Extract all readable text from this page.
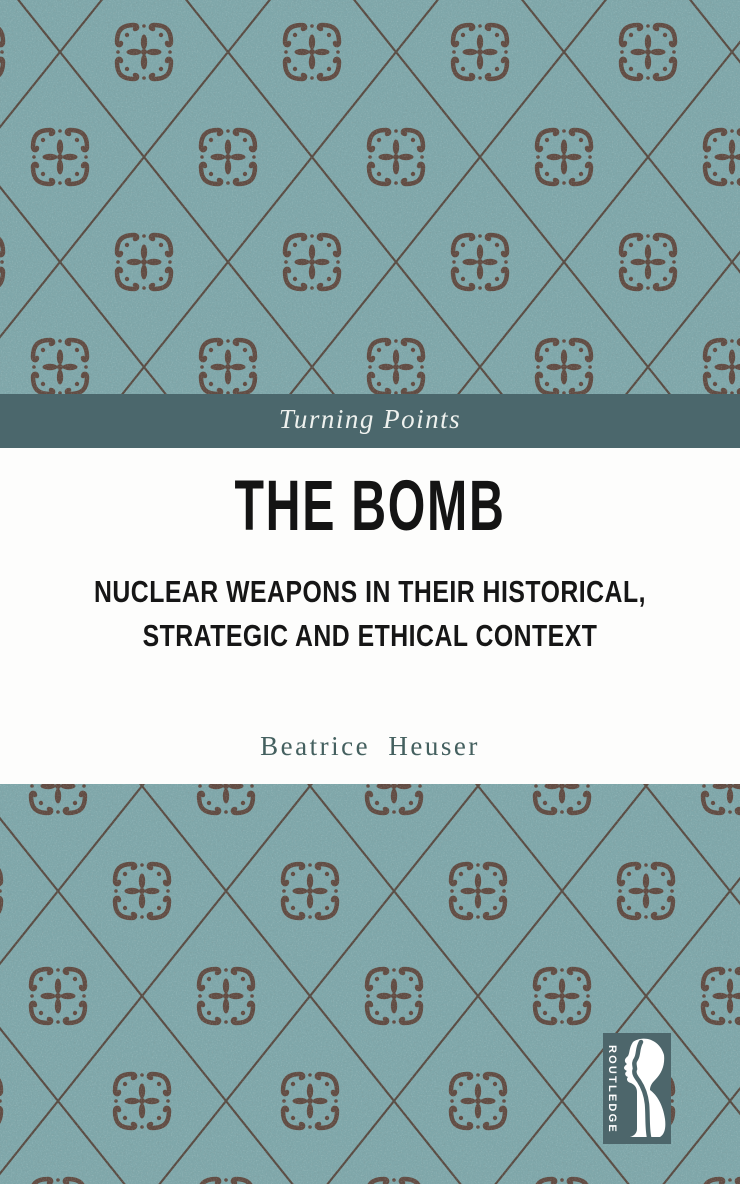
Turning Points
THE BOMB
NUCLEAR WEAPONS IN THEIR HISTORICAL,
STRATEGIC AND ETHICAL CONTEXT
Beatrice Heuser
ROUTLEDGE
